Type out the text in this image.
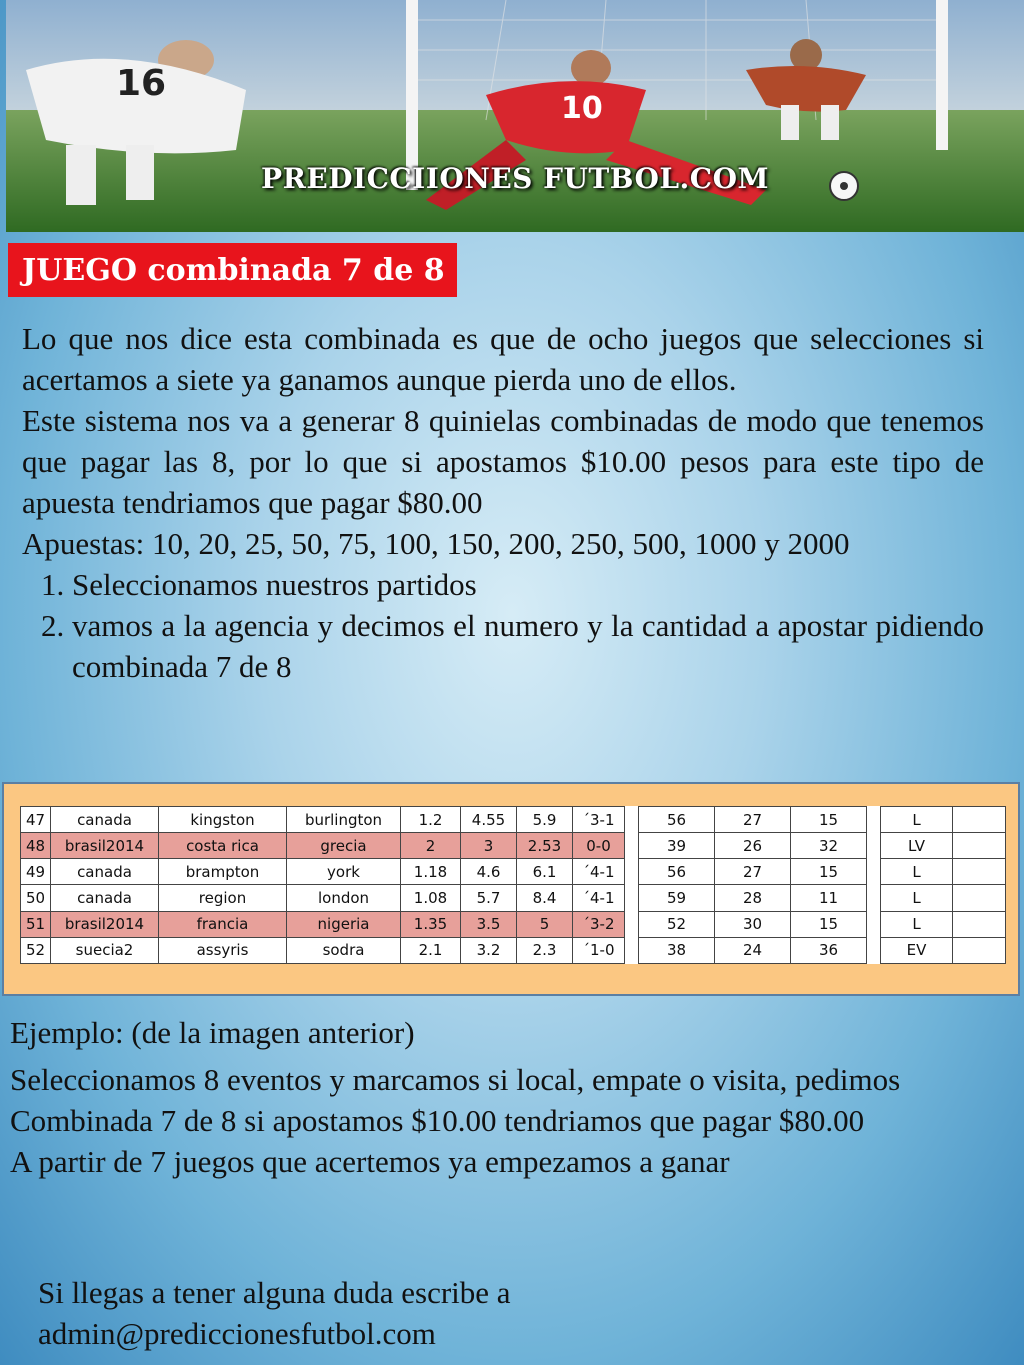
16
10
PREDICCIIONES FUTBOL.COM
JUEGO combinada 7 de 8

Lo que nos dice esta combinada es que de ocho juegos que selecciones si acertamos a siete ya ganamos aunque pierda uno de ellos.

Este sistema nos va a generar 8 quinielas combinadas de modo que tenemos que pagar las 8, por lo que si apostamos $10.00 pesos para este tipo de apuesta tendriamos que pagar $80.00

Apuestas: 10, 20, 25, 50, 75, 100, 150, 200, 250, 500, 1000 y 2000

1. Seleccionamos nuestros partidos
2. vamos a la agencia y decimos el numero y la cantidad a apostar pidiendo combinada 7 de 8
47	canada	kingston	burlington	1.2	4.55	5.9	´3-1		56	27	15		L	
48	brasil2014	costa rica	grecia	2	3	2.53	0-0		39	26	32		LV	
49	canada	brampton	york	1.18	4.6	6.1	´4-1		56	27	15		L	
50	canada	region	london	1.08	5.7	8.4	´4-1		59	28	11		L	
51	brasil2014	francia	nigeria	1.35	3.5	5	´3-2		52	30	15		L	
52	suecia2	assyris	sodra	2.1	3.2	2.3	´1-0		38	24	36		EV	

Ejemplo: (de la imagen anterior)

Seleccionamos 8 eventos y marcamos si local, empate o visita, pedimos Combinada 7 de 8 si apostamos $10.00 tendriamos que pagar $80.00

A partir de 7 juegos que acertemos ya empezamos a ganar

Si llegas a tener alguna duda escribe a

admin@prediccionesfutbol.com
